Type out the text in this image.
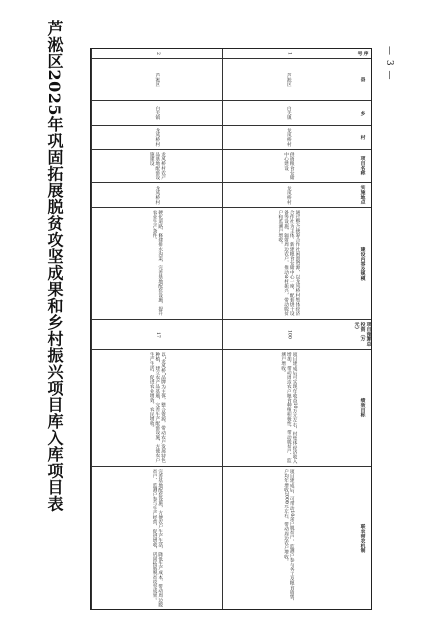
— 3 —
芦淞区2025年巩固拓展脱贫攻坚成果和乡村振兴项目库入库项目表	序号
县
乡
村
项目名称
实施地点
建设内容及规模
项目预算总投资（万元）
绩效目标
联农带农机制
1
芦淞区
白关镇
龙凤桥村
供销粮食仓储中心建设
龙凤桥村
通过整合统筹合作社闲置资源，以龙凤桥村集体经济合作社为主体，新建粮食仓储中心一座，配套烘干设备等设施，辐射周边农户，推动乡村振兴，带动脱贫户和监测户增收。
100
项目建成后可实现年收益10万元左右，村集体经济收入增加，带动周边农户粮食种植积极性，带动脱贫户、监测户增收。
项目建成后，可带动10余户脱贫户、监测户参与务工及粮食销售，户均年增收2000元左右，带动周边农户增收。
2
芦淞区
白关镇
龙凤桥村
龙凤桥村农产品基地配套设施建设
龙凤桥村
硬化道路，修建排水沟渠，完善基地配套设施，提升农业生产条件。
17
以“龙凤桥”品牌为主体，整合资源，带动农户发展特色种植，建立农产品基地，完善生产配套设施，方便农户生产生活，促进农业增效、农民增收。
完善基地配套设施，方便农户生产生活，降低生产成本，带动周边脱贫户、监测户参与生产经营，促进增收，巩固拓展脱贫攻坚成果。
